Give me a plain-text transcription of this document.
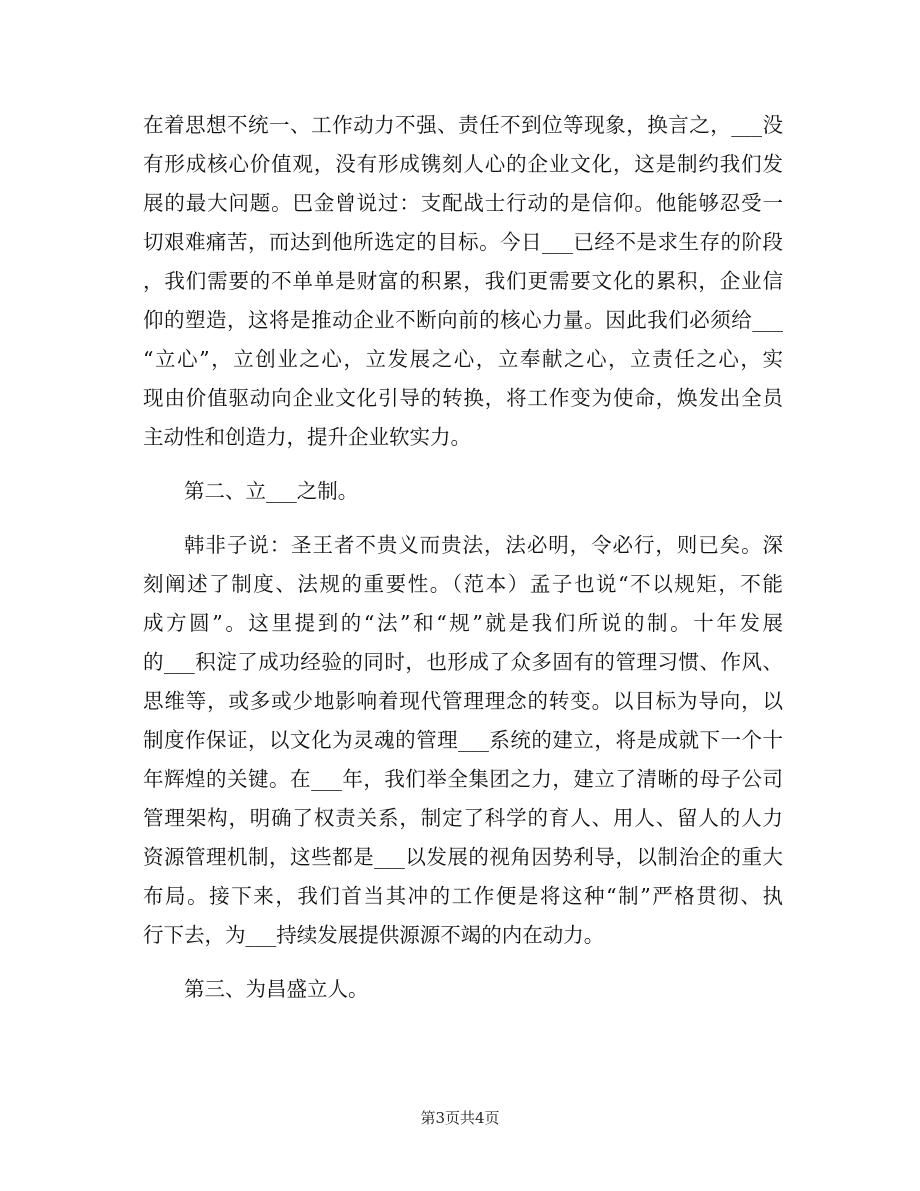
在着思想不统一、工作动力不强、责任不到位等现象，换言之，___没
有形成核心价值观，没有形成镌刻人心的企业文化，这是制约我们发
展的最大问题。巴金曾说过：支配战士行动的是信仰。他能够忍受一
切艰难痛苦，而达到他所选定的目标。今日___已经不是求生存的阶段
，我们需要的不单单是财富的积累，我们更需要文化的累积，企业信
仰的塑造，这将是推动企业不断向前的核心力量。因此我们必须给___
“立心”，立创业之心，立发展之心，立奉献之心，立责任之心，实
现由价值驱动向企业文化引导的转换，将工作变为使命，焕发出全员
主动性和创造力，提升企业软实力。
第二、立___之制。
韩非子说：圣王者不贵义而贵法，法必明，令必行，则已矣。深
刻阐述了制度、法规的重要性。（范本）孟子也说“不以规矩，不能
成方圆”。这里提到的“法”和“规”就是我们所说的制。十年发展
的___积淀了成功经验的同时，也形成了众多固有的管理习惯、作风、
思维等，或多或少地影响着现代管理理念的转变。以目标为导向，以
制度作保证，以文化为灵魂的管理___系统的建立，将是成就下一个十
年辉煌的关键。在___年，我们举全集团之力，建立了清晰的母子公司
管理架构，明确了权责关系，制定了科学的育人、用人、留人的人力
资源管理机制，这些都是___以发展的视角因势利导，以制治企的重大
布局。接下来，我们首当其冲的工作便是将这种“制”严格贯彻、执
行下去，为___持续发展提供源源不竭的内在动力。
第三、为昌盛立人。
第3页共4页
